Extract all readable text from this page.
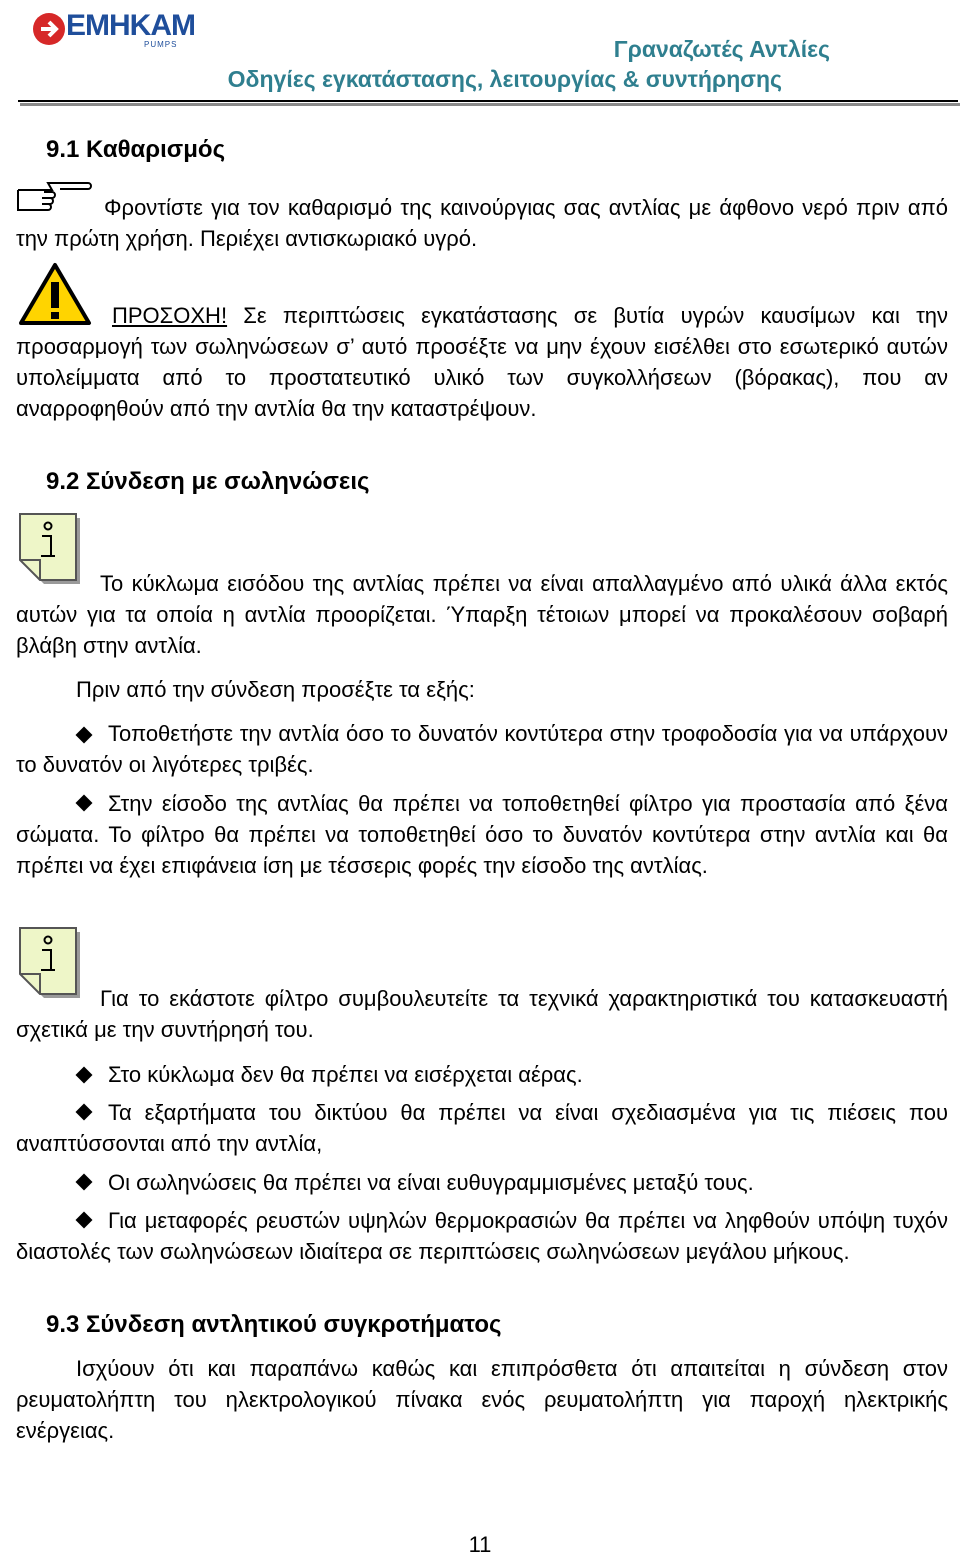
EMHKAM
PUMPS	Γραναζωτές Αντλίες
Οδηγίες εγκατάστασης, λειτουργίας & συντήρησης
9.1 Καθαρισμός
Φροντίστε για τον καθαρισμό της καινούργιας σας αντλίας με άφθονο νερό πριν από την πρώτη χρήση. Περιέχει αντισκωριακό υγρό.
ΠΡΟΣΟΧΗ! Σε περιπτώσεις εγκατάστασης σε βυτία υγρών καυσίμων και την προσαρμογή των σωληνώσεων σ’ αυτό προσέξτε να μην έχουν εισέλθει στο εσωτερικό αυτών υπολείμματα από το προστατευτικό υλικό των συγκολλήσεων (βόρακας), που αν αναρροφηθούν από την αντλία θα την καταστρέψουν.
9.2 Σύνδεση με σωληνώσεις
Το κύκλωμα εισόδου της αντλίας πρέπει να είναι απαλλαγμένο από υλικά άλλα εκτός αυτών για τα οποία η αντλία προορίζεται. Ύπαρξη τέτοιων μπορεί να προκαλέσουν σοβαρή βλάβη στην αντλία.
Πριν από την σύνδεση προσέξτε τα εξής:
Τοποθετήστε την αντλία όσο το δυνατόν κοντύτερα στην τροφοδοσία για να υπάρχουν το δυνατόν οι λιγότερες τριβές.
Στην είσοδο της αντλίας θα πρέπει να τοποθετηθεί φίλτρο για προστασία από ξένα σώματα. Το φίλτρο θα πρέπει να τοποθετηθεί όσο το δυνατόν κοντύτερα στην αντλία και θα πρέπει να έχει επιφάνεια ίση με τέσσερις φορές την είσοδο της αντλίας.
Για το εκάστοτε φίλτρο συμβουλευτείτε τα τεχνικά χαρακτηριστικά του κατασκευαστή σχετικά με την συντήρησή του.
Στο κύκλωμα δεν θα πρέπει να εισέρχεται αέρας.
Τα εξαρτήματα του δικτύου θα πρέπει να είναι σχεδιασμένα για τις πιέσεις που αναπτύσσονται από την αντλία,
Οι σωληνώσεις θα πρέπει να είναι ευθυγραμμισμένες μεταξύ τους.
Για μεταφορές ρευστών υψηλών θερμοκρασιών θα πρέπει να ληφθούν υπόψη τυχόν διαστολές των σωληνώσεων ιδιαίτερα σε περιπτώσεις σωληνώσεων μεγάλου μήκους.
9.3 Σύνδεση αντλητικού συγκροτήματος
Ισχύουν ότι και παραπάνω καθώς και επιπρόσθετα ότι απαιτείται η σύνδεση στον ρευματολήπτη του ηλεκτρολογικού πίνακα ενός ρευματολήπτη για παροχή ηλεκτρικής ενέργειας.
11
